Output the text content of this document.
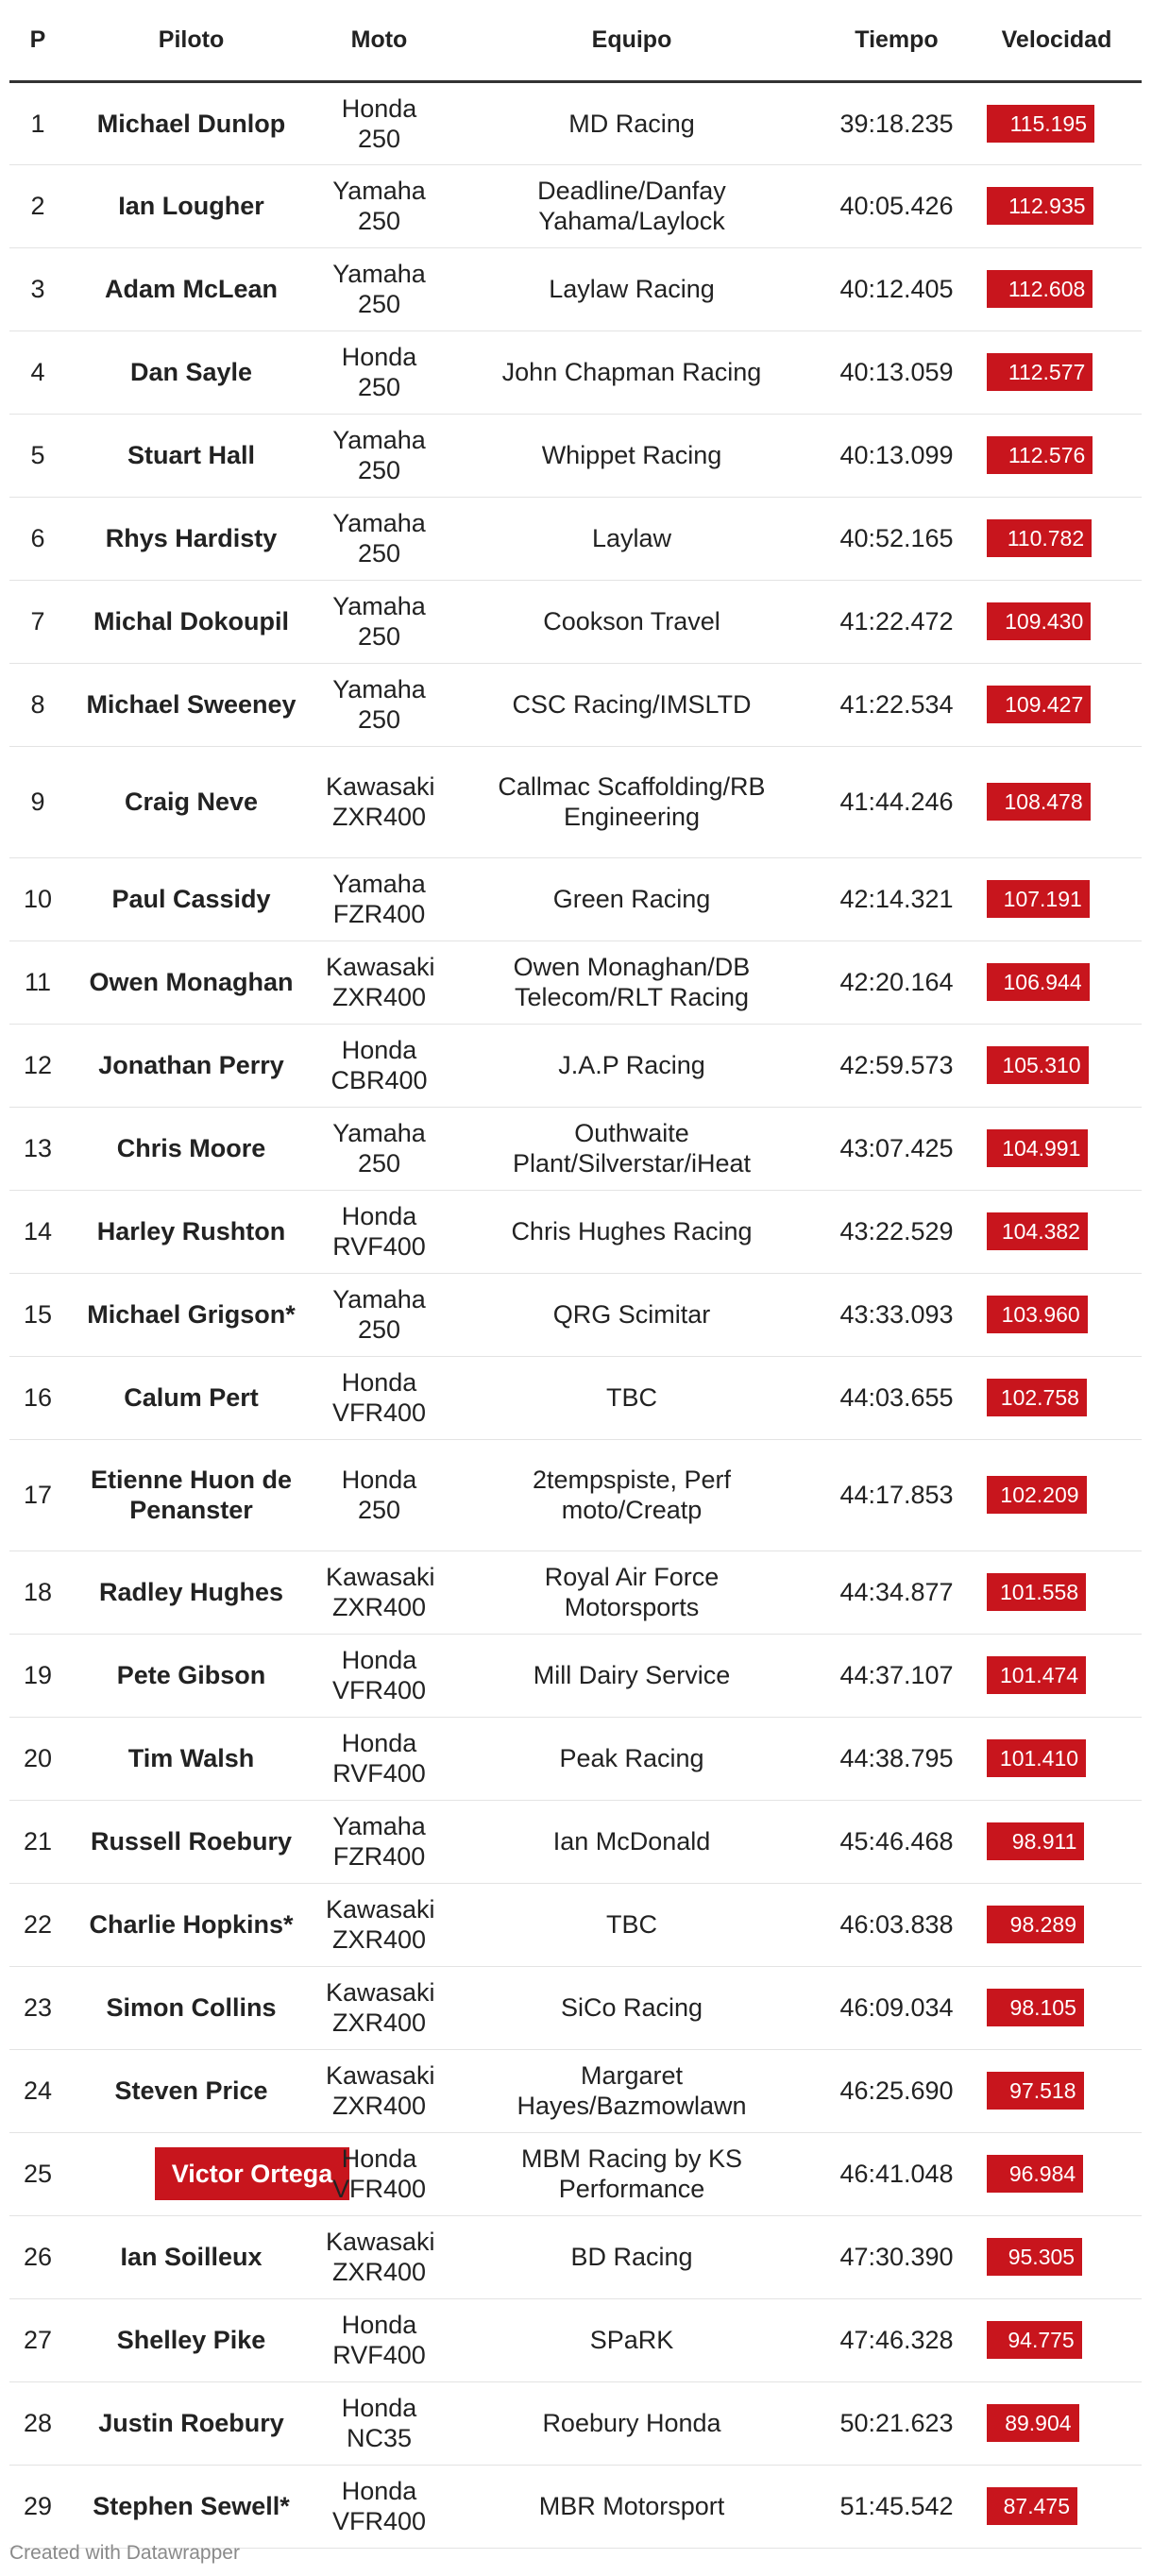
P	Piloto	Moto	Equipo	Tiempo	Velocidad
1	Michael Dunlop	Honda 250	MD Racing	39:18.235	115.195
2	Ian Lougher	Yamaha 250	Deadline/Danfay Yahama/Laylock	40:05.426	112.935
3	Adam McLean	Yamaha 250	Laylaw Racing	40:12.405	112.608
4	Dan Sayle	Honda 250	John Chapman Racing	40:13.059	112.577
5	Stuart Hall	Yamaha 250	Whippet Racing	40:13.099	112.576
6	Rhys Hardisty	Yamaha 250	Laylaw	40:52.165	110.782
7	Michal Dokoupil	Yamaha 250	Cookson Travel	41:22.472	109.430
8	Michael Sweeney	Yamaha 250	CSC Racing/IMSLTD	41:22.534	109.427
9	Craig Neve	Kawasaki ZXR400	Callmac Scaffolding/RB Engineering	41:44.246	108.478
10	Paul Cassidy	Yamaha FZR400	Green Racing	42:14.321	107.191
11	Owen Monaghan	Kawasaki ZXR400	Owen Monaghan/DB Telecom/RLT Racing	42:20.164	106.944
12	Jonathan Perry	Honda CBR400	J.A.P Racing	42:59.573	105.310
13	Chris Moore	Yamaha 250	Outhwaite Plant/Silverstar/iHeat	43:07.425	104.991
14	Harley Rushton	Honda RVF400	Chris Hughes Racing	43:22.529	104.382
15	Michael Grigson*	Yamaha 250	QRG Scimitar	43:33.093	103.960
16	Calum Pert	Honda VFR400	TBC	44:03.655	102.758
17	Etienne Huon de Penanster	Honda 250	2tempspiste, Perf moto/Creatp	44:17.853	102.209
18	Radley Hughes	Kawasaki ZXR400	Royal Air Force Motorsports	44:34.877	101.558
19	Pete Gibson	Honda VFR400	Mill Dairy Service	44:37.107	101.474
20	Tim Walsh	Honda RVF400	Peak Racing	44:38.795	101.410
21	Russell Roebury	Yamaha FZR400	Ian McDonald	45:46.468	98.911
22	Charlie Hopkins*	Kawasaki ZXR400	TBC	46:03.838	98.289
23	Simon Collins	Kawasaki ZXR400	SiCo Racing	46:09.034	98.105
24	Steven Price	Kawasaki ZXR400	Margaret Hayes/Bazmowlawn	46:25.690	97.518
25	Victor Ortega	Honda VFR400	MBM Racing by KS Performance	46:41.048	96.984
26	Ian Soilleux	Kawasaki ZXR400	BD Racing	47:30.390	95.305
27	Shelley Pike	Honda RVF400	SPaRK	47:46.328	94.775
28	Justin Roebury	Honda NC35	Roebury Honda	50:21.623	89.904
29	Stephen Sewell*	Honda VFR400	MBR Motorsport	51:45.542	87.475
Created with Datawrapper
